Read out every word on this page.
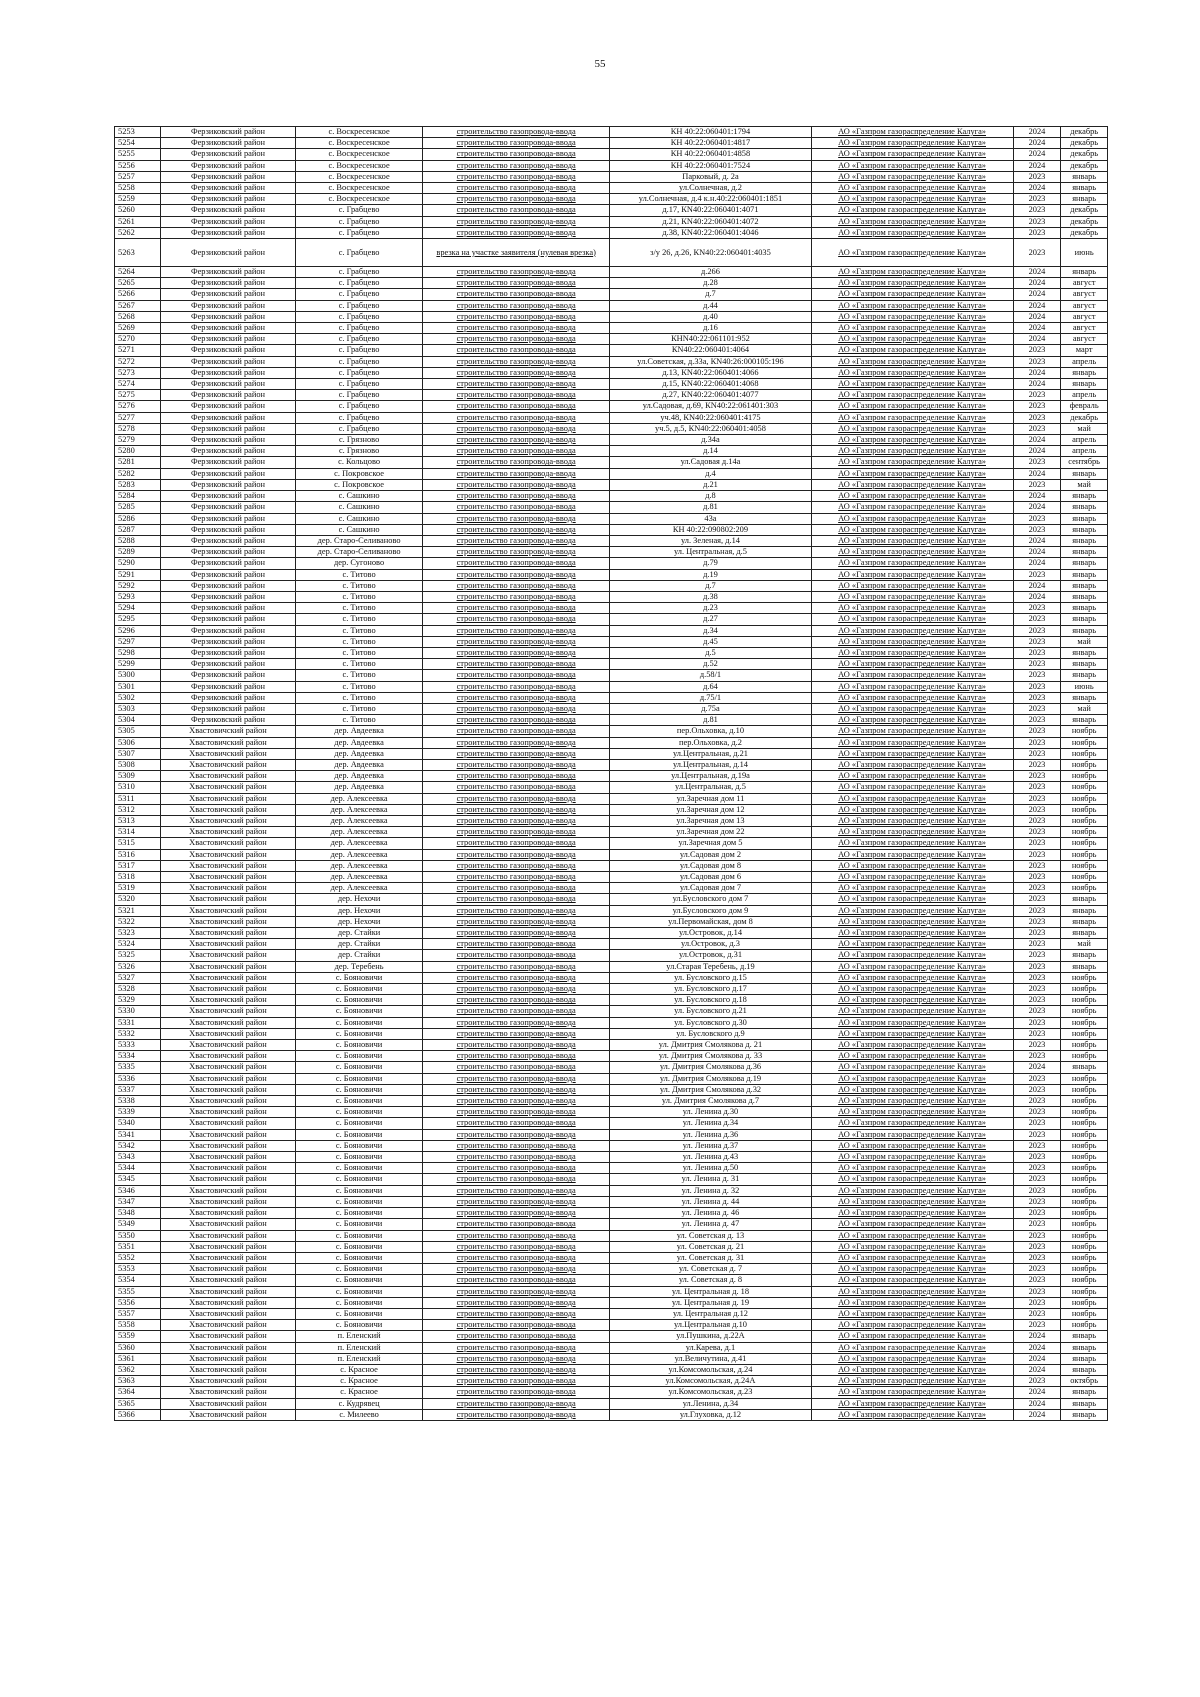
55
5253	Ферзиковский район	с. Воскресенское	строительство газопровода-ввода	КН 40:22:060401:1794	АО «Газпром газораспределение Калуга»	2024	декабрь
5254	Ферзиковский район	с. Воскресенское	строительство газопровода-ввода	КН 40:22:060401:4817	АО «Газпром газораспределение Калуга»	2024	декабрь
5255	Ферзиковский район	с. Воскресенское	строительство газопровода-ввода	КН 40:22:060401:4858	АО «Газпром газораспределение Калуга»	2024	декабрь
5256	Ферзиковский район	с. Воскресенское	строительство газопровода-ввода	КН 40:22:060401:7524	АО «Газпром газораспределение Калуга»	2024	декабрь
5257	Ферзиковский район	с. Воскресенское	строительство газопровода-ввода	Парковый, д. 2а	АО «Газпром газораспределение Калуга»	2023	январь
5258	Ферзиковский район	с. Воскресенское	строительство газопровода-ввода	ул.Солнечная, д.2	АО «Газпром газораспределение Калуга»	2024	январь
5259	Ферзиковский район	с. Воскресенское	строительство газопровода-ввода	ул.Солнечная, д.4 к.н.40:22:060401:1851	АО «Газпром газораспределение Калуга»	2023	январь
5260	Ферзиковский район	с. Грабцево	строительство газопровода-ввода	д.17, КN40:22:060401:4071	АО «Газпром газораспределение Калуга»	2023	декабрь
5261	Ферзиковский район	с. Грабцево	строительство газопровода-ввода	д.21, КN40:22:060401:4072	АО «Газпром газораспределение Калуга»	2023	декабрь
5262	Ферзиковский район	с. Грабцево	строительство газопровода-ввода	д.38, КN40:22:060401:4046	АО «Газпром газораспределение Калуга»	2023	декабрь
5263	Ферзиковский район	с. Грабцево	врезка на участке заявителя (нулевая врезка)	з/у 26, д.26, КN40:22:060401:4035	АО «Газпром газораспределение Калуга»	2023	июнь
5264	Ферзиковский район	с. Грабцево	строительство газопровода-ввода	д.266	АО «Газпром газораспределение Калуга»	2024	январь
5265	Ферзиковский район	с. Грабцево	строительство газопровода-ввода	д.28	АО «Газпром газораспределение Калуга»	2024	август
5266	Ферзиковский район	с. Грабцево	строительство газопровода-ввода	д.7	АО «Газпром газораспределение Калуга»	2024	август
5267	Ферзиковский район	с. Грабцево	строительство газопровода-ввода	д.44	АО «Газпром газораспределение Калуга»	2024	август
5268	Ферзиковский район	с. Грабцево	строительство газопровода-ввода	д.40	АО «Газпром газораспределение Калуга»	2024	август
5269	Ферзиковский район	с. Грабцево	строительство газопровода-ввода	д.16	АО «Газпром газораспределение Калуга»	2024	август
5270	Ферзиковский район	с. Грабцево	строительство газопровода-ввода	КНN40:22:061101:952	АО «Газпром газораспределение Калуга»	2024	август
5271	Ферзиковский район	с. Грабцево	строительство газопровода-ввода	КN40:22:060401:4064	АО «Газпром газораспределение Калуга»	2023	март
5272	Ферзиковский район	с. Грабцево	строительство газопровода-ввода	ул.Советская, д.33а, КN40:26:000105:196	АО «Газпром газораспределение Калуга»	2023	апрель
5273	Ферзиковский район	с. Грабцево	строительство газопровода-ввода	д.13, КN40:22:060401:4066	АО «Газпром газораспределение Калуга»	2024	январь
5274	Ферзиковский район	с. Грабцево	строительство газопровода-ввода	д.15, КN40:22:060401:4068	АО «Газпром газораспределение Калуга»	2024	январь
5275	Ферзиковский район	с. Грабцево	строительство газопровода-ввода	д.27, КN40:22:060401:4077	АО «Газпром газораспределение Калуга»	2023	апрель
5276	Ферзиковский район	с. Грабцево	строительство газопровода-ввода	ул.Садовая, д.69, КN40:22:061401:303	АО «Газпром газораспределение Калуга»	2023	февраль
5277	Ферзиковский район	с. Грабцево	строительство газопровода-ввода	уч.48, КN40:22:060401:4175	АО «Газпром газораспределение Калуга»	2023	декабрь
5278	Ферзиковский район	с. Грабцево	строительство газопровода-ввода	уч.5, д.5, КN40:22:060401:4058	АО «Газпром газораспределение Калуга»	2023	май
5279	Ферзиковский район	с. Грязново	строительство газопровода-ввода	д.34а	АО «Газпром газораспределение Калуга»	2024	апрель
5280	Ферзиковский район	с. Грязново	строительство газопровода-ввода	д.14	АО «Газпром газораспределение Калуга»	2024	апрель
5281	Ферзиковский район	с. Кольцово	строительство газопровода-ввода	ул.Садовая д.14а	АО «Газпром газораспределение Калуга»	2023	сентябрь
5282	Ферзиковский район	с. Покровское	строительство газопровода-ввода	д.4	АО «Газпром газораспределение Калуга»	2024	январь
5283	Ферзиковский район	с. Покровское	строительство газопровода-ввода	д.21	АО «Газпром газораспределение Калуга»	2023	май
5284	Ферзиковский район	с. Сашкино	строительство газопровода-ввода	д.8	АО «Газпром газораспределение Калуга»	2024	январь
5285	Ферзиковский район	с. Сашкино	строительство газопровода-ввода	д.81	АО «Газпром газораспределение Калуга»	2024	январь
5286	Ферзиковский район	с. Сашкино	строительство газопровода-ввода	43а	АО «Газпром газораспределение Калуга»	2023	январь
5287	Ферзиковский район	с. Сашкино	строительство газопровода-ввода	КН 40:22:090802:209	АО «Газпром газораспределение Калуга»	2023	январь
5288	Ферзиковский район	дер. Старо-Селиваново	строительство газопровода-ввода	ул. Зеленая, д.14	АО «Газпром газораспределение Калуга»	2024	январь
5289	Ферзиковский район	дер. Старо-Селиваново	строительство газопровода-ввода	ул. Центральная, д.5	АО «Газпром газораспределение Калуга»	2024	январь
5290	Ферзиковский район	дер. Сугоново	строительство газопровода-ввода	д.79	АО «Газпром газораспределение Калуга»	2024	январь
5291	Ферзиковский район	с. Титово	строительство газопровода-ввода	д.19	АО «Газпром газораспределение Калуга»	2023	январь
5292	Ферзиковский район	с. Титово	строительство газопровода-ввода	д.7	АО «Газпром газораспределение Калуга»	2024	январь
5293	Ферзиковский район	с. Титово	строительство газопровода-ввода	д.38	АО «Газпром газораспределение Калуга»	2024	январь
5294	Ферзиковский район	с. Титово	строительство газопровода-ввода	д.23	АО «Газпром газораспределение Калуга»	2023	январь
5295	Ферзиковский район	с. Титово	строительство газопровода-ввода	д.27	АО «Газпром газораспределение Калуга»	2023	январь
5296	Ферзиковский район	с. Титово	строительство газопровода-ввода	д.34	АО «Газпром газораспределение Калуга»	2023	январь
5297	Ферзиковский район	с. Титово	строительство газопровода-ввода	д.45	АО «Газпром газораспределение Калуга»	2023	май
5298	Ферзиковский район	с. Титово	строительство газопровода-ввода	д.5	АО «Газпром газораспределение Калуга»	2023	январь
5299	Ферзиковский район	с. Титово	строительство газопровода-ввода	д.52	АО «Газпром газораспределение Калуга»	2023	январь
5300	Ферзиковский район	с. Титово	строительство газопровода-ввода	д.58/1	АО «Газпром газораспределение Калуга»	2023	январь
5301	Ферзиковский район	с. Титово	строительство газопровода-ввода	д.64	АО «Газпром газораспределение Калуга»	2023	июнь
5302	Ферзиковский район	с. Титово	строительство газопровода-ввода	д.75/1	АО «Газпром газораспределение Калуга»	2023	январь
5303	Ферзиковский район	с. Титово	строительство газопровода-ввода	д.75а	АО «Газпром газораспределение Калуга»	2023	май
5304	Ферзиковский район	с. Титово	строительство газопровода-ввода	д.81	АО «Газпром газораспределение Калуга»	2023	январь
5305	Хвастовичский район	дер. Авдеевка	строительство газопровода-ввода	пер.Ольховка, д.10	АО «Газпром газораспределение Калуга»	2023	ноябрь
5306	Хвастовичский район	дер. Авдеевка	строительство газопровода-ввода	пер.Ольховка, д.2	АО «Газпром газораспределение Калуга»	2023	ноябрь
5307	Хвастовичский район	дер. Авдеевка	строительство газопровода-ввода	ул.Центральная, д.21	АО «Газпром газораспределение Калуга»	2023	ноябрь
5308	Хвастовичский район	дер. Авдеевка	строительство газопровода-ввода	ул.Центральная, д.14	АО «Газпром газораспределение Калуга»	2023	ноябрь
5309	Хвастовичский район	дер. Авдеевка	строительство газопровода-ввода	ул.Центральная, д.19а	АО «Газпром газораспределение Калуга»	2023	ноябрь
5310	Хвастовичский район	дер. Авдеевка	строительство газопровода-ввода	ул.Центральная, д.5	АО «Газпром газораспределение Калуга»	2023	ноябрь
5311	Хвастовичский район	дер. Алексеевка	строительство газопровода-ввода	ул.Заречная дом 11	АО «Газпром газораспределение Калуга»	2023	ноябрь
5312	Хвастовичский район	дер. Алексеевка	строительство газопровода-ввода	ул.Заречная дом 12	АО «Газпром газораспределение Калуга»	2023	ноябрь
5313	Хвастовичский район	дер. Алексеевка	строительство газопровода-ввода	ул.Заречная дом 13	АО «Газпром газораспределение Калуга»	2023	ноябрь
5314	Хвастовичский район	дер. Алексеевка	строительство газопровода-ввода	ул.Заречная дом 22	АО «Газпром газораспределение Калуга»	2023	ноябрь
5315	Хвастовичский район	дер. Алексеевка	строительство газопровода-ввода	ул.Заречная дом 5	АО «Газпром газораспределение Калуга»	2023	ноябрь
5316	Хвастовичский район	дер. Алексеевка	строительство газопровода-ввода	ул.Садовая дом 2	АО «Газпром газораспределение Калуга»	2023	ноябрь
5317	Хвастовичский район	дер. Алексеевка	строительство газопровода-ввода	ул.Садовая дом 8	АО «Газпром газораспределение Калуга»	2023	ноябрь
5318	Хвастовичский район	дер. Алексеевка	строительство газопровода-ввода	ул.Садовая дом 6	АО «Газпром газораспределение Калуга»	2023	ноябрь
5319	Хвастовичский район	дер. Алексеевка	строительство газопровода-ввода	ул.Садовая дом 7	АО «Газпром газораспределение Калуга»	2023	ноябрь
5320	Хвастовичский район	дер. Нехочи	строительство газопровода-ввода	ул.Бусловского дом 7	АО «Газпром газораспределение Калуга»	2023	январь
5321	Хвастовичский район	дер. Нехочи	строительство газопровода-ввода	ул.Бусловского дом 9	АО «Газпром газораспределение Калуга»	2023	январь
5322	Хвастовичский район	дер. Нехочи	строительство газопровода-ввода	ул.Первомайская, дом 8	АО «Газпром газораспределение Калуга»	2023	январь
5323	Хвастовичский район	дер. Стайки	строительство газопровода-ввода	ул.Островок, д.14	АО «Газпром газораспределение Калуга»	2023	январь
5324	Хвастовичский район	дер. Стайки	строительство газопровода-ввода	ул.Островок, д.3	АО «Газпром газораспределение Калуга»	2023	май
5325	Хвастовичский район	дер. Стайки	строительство газопровода-ввода	ул.Островок, д.31	АО «Газпром газораспределение Калуга»	2023	январь
5326	Хвастовичский район	дер. Теребень	строительство газопровода-ввода	ул.Старая Теребень, д.19	АО «Газпром газораспределение Калуга»	2023	январь
5327	Хвастовичский район	с. Бояновичи	строительство газопровода-ввода	ул. Бусловского д.15	АО «Газпром газораспределение Калуга»	2023	ноябрь
5328	Хвастовичский район	с. Бояновичи	строительство газопровода-ввода	ул. Бусловского д.17	АО «Газпром газораспределение Калуга»	2023	ноябрь
5329	Хвастовичский район	с. Бояновичи	строительство газопровода-ввода	ул. Бусловского д.18	АО «Газпром газораспределение Калуга»	2023	ноябрь
5330	Хвастовичский район	с. Бояновичи	строительство газопровода-ввода	ул. Бусловского д.21	АО «Газпром газораспределение Калуга»	2023	ноябрь
5331	Хвастовичский район	с. Бояновичи	строительство газопровода-ввода	ул. Бусловского д.30	АО «Газпром газораспределение Калуга»	2023	ноябрь
5332	Хвастовичский район	с. Бояновичи	строительство газопровода-ввода	ул. Бусловского д.9	АО «Газпром газораспределение Калуга»	2023	ноябрь
5333	Хвастовичский район	с. Бояновичи	строительство газопровода-ввода	ул. Дмитрия Смолякова д. 21	АО «Газпром газораспределение Калуга»	2023	ноябрь
5334	Хвастовичский район	с. Бояновичи	строительство газопровода-ввода	ул. Дмитрия Смолякова д. 33	АО «Газпром газораспределение Калуга»	2023	ноябрь
5335	Хвастовичский район	с. Бояновичи	строительство газопровода-ввода	ул. Дмитрия Смолякова д.36	АО «Газпром газораспределение Калуга»	2024	январь
5336	Хвастовичский район	с. Бояновичи	строительство газопровода-ввода	ул. Дмитрия Смолякова д.19	АО «Газпром газораспределение Калуга»	2023	ноябрь
5337	Хвастовичский район	с. Бояновичи	строительство газопровода-ввода	ул. Дмитрия Смолякова д.32	АО «Газпром газораспределение Калуга»	2023	ноябрь
5338	Хвастовичский район	с. Бояновичи	строительство газопровода-ввода	ул. Дмитрия Смолякова д.7	АО «Газпром газораспределение Калуга»	2023	ноябрь
5339	Хвастовичский район	с. Бояновичи	строительство газопровода-ввода	ул. Ленина д.30	АО «Газпром газораспределение Калуга»	2023	ноябрь
5340	Хвастовичский район	с. Бояновичи	строительство газопровода-ввода	ул. Ленина д.34	АО «Газпром газораспределение Калуга»	2023	ноябрь
5341	Хвастовичский район	с. Бояновичи	строительство газопровода-ввода	ул. Ленина д.36	АО «Газпром газораспределение Калуга»	2023	ноябрь
5342	Хвастовичский район	с. Бояновичи	строительство газопровода-ввода	ул. Ленина д.37	АО «Газпром газораспределение Калуга»	2023	ноябрь
5343	Хвастовичский район	с. Бояновичи	строительство газопровода-ввода	ул. Ленина д.43	АО «Газпром газораспределение Калуга»	2023	ноябрь
5344	Хвастовичский район	с. Бояновичи	строительство газопровода-ввода	ул. Ленина д.50	АО «Газпром газораспределение Калуга»	2023	ноябрь
5345	Хвастовичский район	с. Бояновичи	строительство газопровода-ввода	ул. Ленина д. 31	АО «Газпром газораспределение Калуга»	2023	ноябрь
5346	Хвастовичский район	с. Бояновичи	строительство газопровода-ввода	ул. Ленина д. 32	АО «Газпром газораспределение Калуга»	2023	ноябрь
5347	Хвастовичский район	с. Бояновичи	строительство газопровода-ввода	ул. Ленина д. 44	АО «Газпром газораспределение Калуга»	2023	ноябрь
5348	Хвастовичский район	с. Бояновичи	строительство газопровода-ввода	ул. Ленина д. 46	АО «Газпром газораспределение Калуга»	2023	ноябрь
5349	Хвастовичский район	с. Бояновичи	строительство газопровода-ввода	ул. Ленина д. 47	АО «Газпром газораспределение Калуга»	2023	ноябрь
5350	Хвастовичский район	с. Бояновичи	строительство газопровода-ввода	ул. Советская д. 13	АО «Газпром газораспределение Калуга»	2023	ноябрь
5351	Хвастовичский район	с. Бояновичи	строительство газопровода-ввода	ул. Советская д. 21	АО «Газпром газораспределение Калуга»	2023	ноябрь
5352	Хвастовичский район	с. Бояновичи	строительство газопровода-ввода	ул. Советская д. 31	АО «Газпром газораспределение Калуга»	2023	ноябрь
5353	Хвастовичский район	с. Бояновичи	строительство газопровода-ввода	ул. Советская д. 7	АО «Газпром газораспределение Калуга»	2023	ноябрь
5354	Хвастовичский район	с. Бояновичи	строительство газопровода-ввода	ул. Советская д. 8	АО «Газпром газораспределение Калуга»	2023	ноябрь
5355	Хвастовичский район	с. Бояновичи	строительство газопровода-ввода	ул. Центральная д. 18	АО «Газпром газораспределение Калуга»	2023	ноябрь
5356	Хвастовичский район	с. Бояновичи	строительство газопровода-ввода	ул. Центральная д. 19	АО «Газпром газораспределение Калуга»	2023	ноябрь
5357	Хвастовичский район	с. Бояновичи	строительство газопровода-ввода	ул. Центральная д.12	АО «Газпром газораспределение Калуга»	2023	ноябрь
5358	Хвастовичский район	с. Бояновичи	строительство газопровода-ввода	ул.Центральная д.10	АО «Газпром газораспределение Калуга»	2023	ноябрь
5359	Хвастовичский район	п. Еленский	строительство газопровода-ввода	ул.Пушкина, д.22А	АО «Газпром газораспределение Калуга»	2024	январь
5360	Хвастовичский район	п. Еленский	строительство газопровода-ввода	ул.Карева, д.1	АО «Газпром газораспределение Калуга»	2024	январь
5361	Хвастовичский район	п. Еленский	строительство газопровода-ввода	ул.Величутина, д.41	АО «Газпром газораспределение Калуга»	2024	январь
5362	Хвастовичский район	с. Красное	строительство газопровода-ввода	ул.Комсомольская, д.24	АО «Газпром газораспределение Калуга»	2024	январь
5363	Хвастовичский район	с. Красное	строительство газопровода-ввода	ул.Комсомольская, д.24А	АО «Газпром газораспределение Калуга»	2023	октябрь
5364	Хвастовичский район	с. Красное	строительство газопровода-ввода	ул.Комсомольская, д.23	АО «Газпром газораспределение Калуга»	2024	январь
5365	Хвастовичский район	с. Кудрявец	строительство газопровода-ввода	ул.Ленина, д.34	АО «Газпром газораспределение Калуга»	2024	январь
5366	Хвастовичский район	с. Милеево	строительство газопровода-ввода	ул.Глуховка, д.12	АО «Газпром газораспределение Калуга»	2024	январь
